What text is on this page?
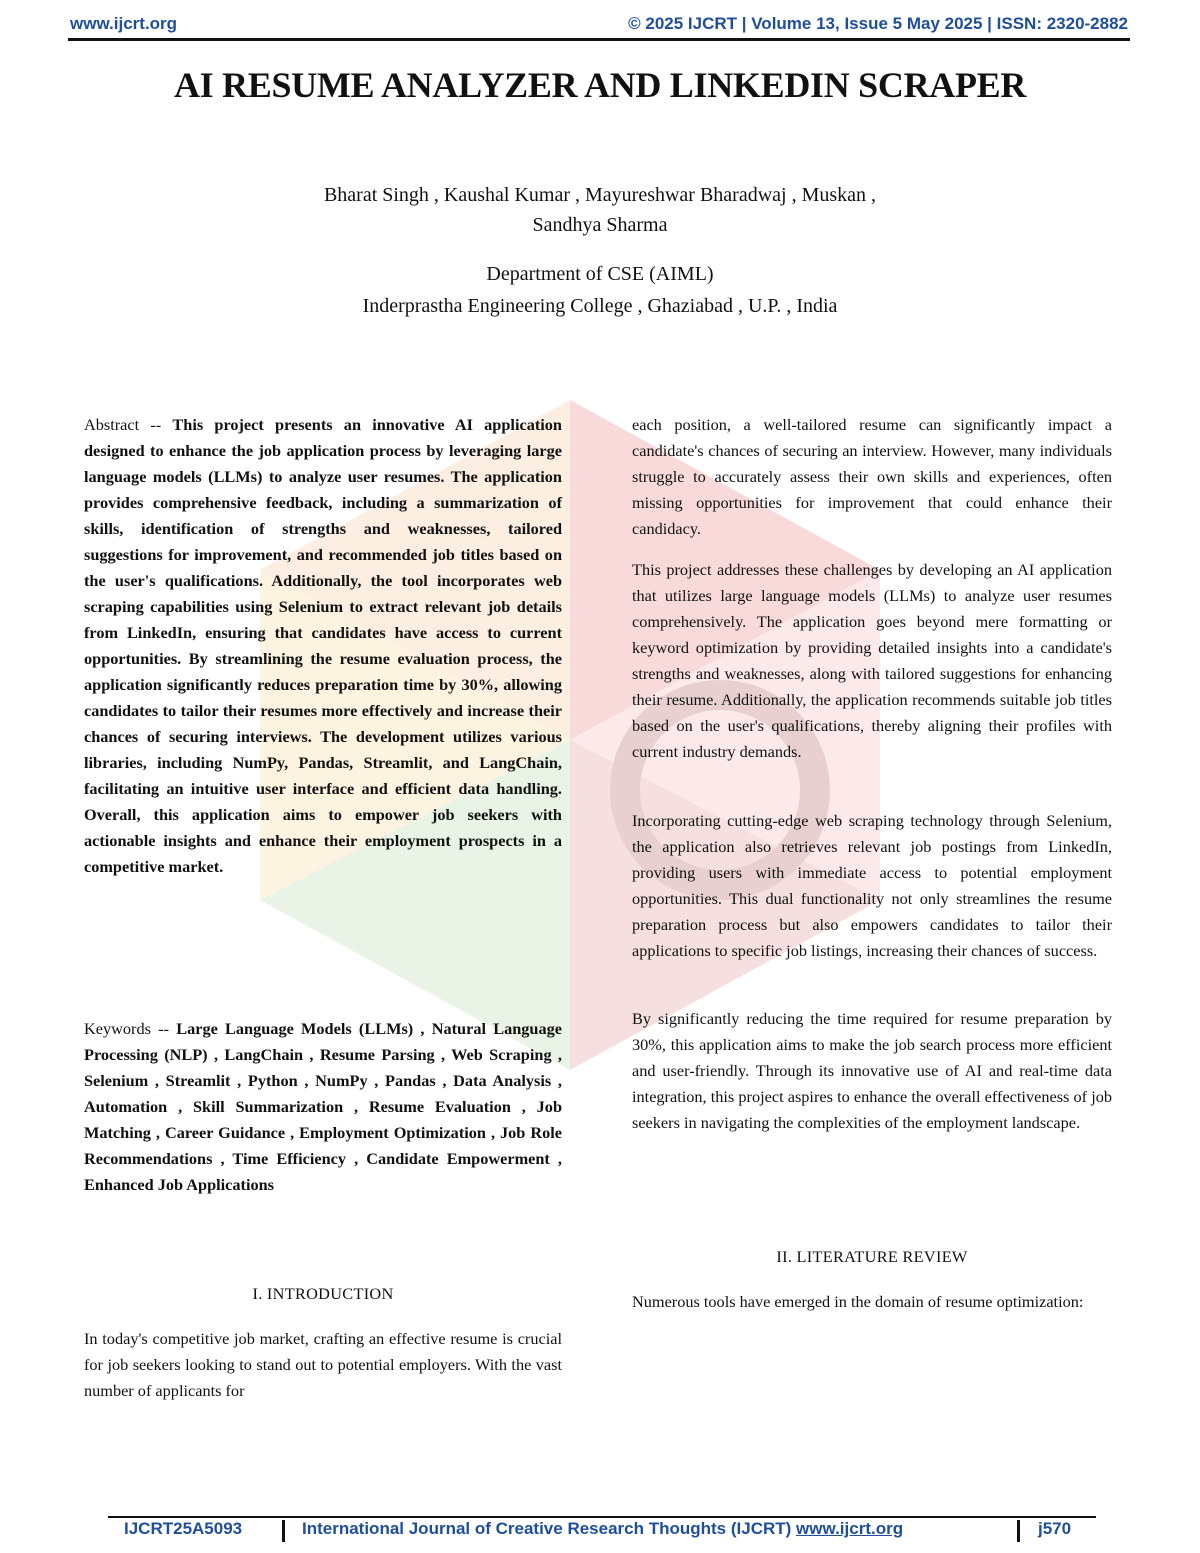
www.ijcrt.org	© 2025 IJCRT | Volume 13, Issue 5 May 2025 | ISSN: 2320-2882
AI RESUME ANALYZER AND LINKEDIN SCRAPER
Bharat Singh , Kaushal Kumar , Mayureshwar Bharadwaj , Muskan ,
Sandhya Sharma
Department of CSE (AIML)
Inderprastha Engineering College , Ghaziabad , U.P. , India

Abstract -- This project presents an innovative AI application designed to enhance the job application process by leveraging large language models (LLMs) to analyze user resumes. The application provides comprehensive feedback, including a summarization of skills, identification of strengths and weaknesses, tailored suggestions for improvement, and recommended job titles based on the user's qualifications. Additionally, the tool incorporates web scraping capabilities using Selenium to extract relevant job details from LinkedIn, ensuring that candidates have access to current opportunities. By streamlining the resume evaluation process, the application significantly reduces preparation time by 30%, allowing candidates to tailor their resumes more effectively and increase their chances of securing interviews. The development utilizes various libraries, including NumPy, Pandas, Streamlit, and LangChain, facilitating an intuitive user interface and efficient data handling. Overall, this application aims to empower job seekers with actionable insights and enhance their employment prospects in a competitive market.

Keywords -- Large Language Models (LLMs) , Natural Language Processing (NLP) , LangChain , Resume Parsing , Web Scraping , Selenium , Streamlit , Python , NumPy , Pandas , Data Analysis , Automation , Skill Summarization , Resume Evaluation , Job Matching , Career Guidance , Employment Optimization , Job Role Recommendations , Time Efficiency , Candidate Empowerment , Enhanced Job Applications

I. INTRODUCTION

In today's competitive job market, crafting an effective resume is crucial for job seekers looking to stand out to potential employers. With the vast number of applicants for

each position, a well-tailored resume can significantly impact a candidate's chances of securing an interview. However, many individuals struggle to accurately assess their own skills and experiences, often missing opportunities for improvement that could enhance their candidacy.

This project addresses these challenges by developing an AI application that utilizes large language models (LLMs) to analyze user resumes comprehensively. The application goes beyond mere formatting or keyword optimization by providing detailed insights into a candidate's strengths and weaknesses, along with tailored suggestions for enhancing their resume. Additionally, the application recommends suitable job titles based on the user's qualifications, thereby aligning their profiles with current industry demands.

Incorporating cutting-edge web scraping technology through Selenium, the application also retrieves relevant job postings from LinkedIn, providing users with immediate access to potential employment opportunities. This dual functionality not only streamlines the resume preparation process but also empowers candidates to tailor their applications to specific job listings, increasing their chances of success.

By significantly reducing the time required for resume preparation by 30%, this application aims to make the job search process more efficient and user-friendly. Through its innovative use of AI and real-time data integration, this project aspires to enhance the overall effectiveness of job seekers in navigating the complexities of the employment landscape.

II. LITERATURE REVIEW

Numerous tools have emerged in the domain of resume optimization:

IJCRT25A5093	International Journal of Creative Research Thoughts (IJCRT) www.ijcrt.org	j570
